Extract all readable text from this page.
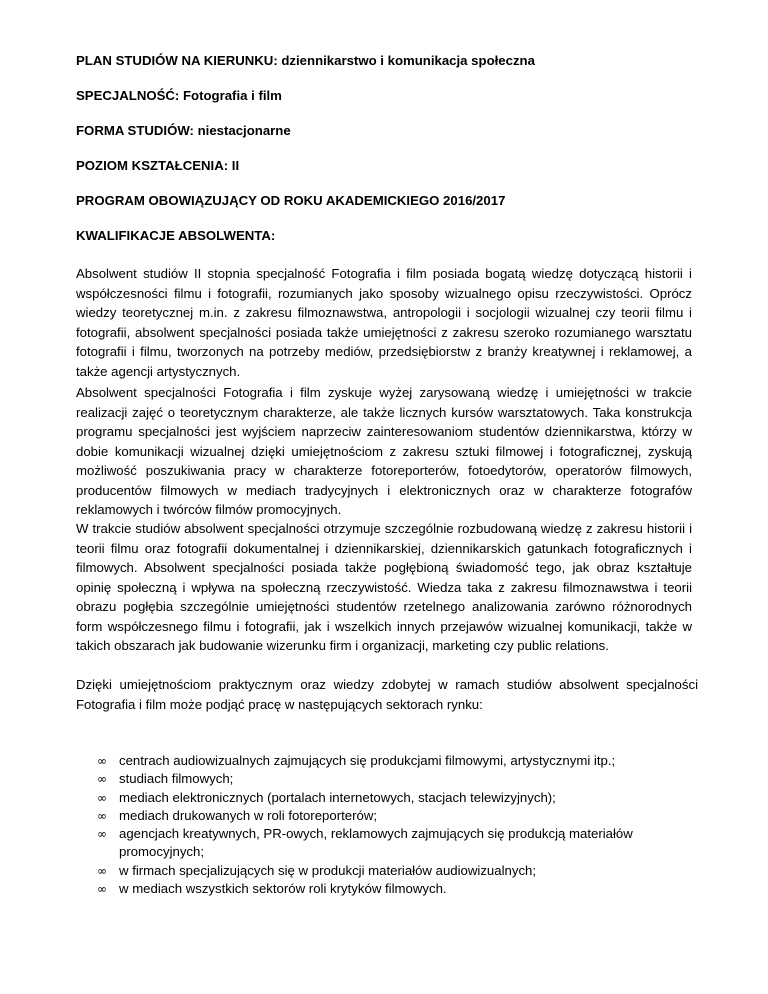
PLAN STUDIÓW NA KIERUNKU: dziennikarstwo i komunikacja społeczna
SPECJALNOŚĆ: Fotografia i film
FORMA STUDIÓW: niestacjonarne
POZIOM KSZTAŁCENIA: II
PROGRAM OBOWIĄZUJĄCY OD ROKU AKADEMICKIEGO 2016/2017
KWALIFIKACJE ABSOLWENTA:

Absolwent studiów II stopnia specjalność Fotografia i film posiada bogatą wiedzę dotyczącą historii i współczesności filmu i fotografii, rozumianych jako sposoby wizualnego opisu rzeczywistości. Oprócz wiedzy teoretycznej m.in. z zakresu filmoznawstwa, antropologii i socjologii wizualnej czy teorii filmu i fotografii, absolwent specjalności posiada także umiejętności z zakresu szeroko rozumianego warsztatu fotografii i filmu, tworzonych na potrzeby mediów, przedsiębiorstw z branży kreatywnej i reklamowej, a także agencji artystycznych.

Absolwent specjalności Fotografia i film zyskuje wyżej zarysowaną wiedzę i umiejętności w trakcie realizacji zajęć o teoretycznym charakterze, ale także licznych kursów warsztatowych. Taka konstrukcja programu specjalności jest wyjściem naprzeciw zainteresowaniom studentów dziennikarstwa, którzy w dobie komunikacji wizualnej dzięki umiejętnościom z zakresu sztuki filmowej i fotograficznej, zyskują możliwość poszukiwania pracy w charakterze fotoreporterów, fotoedytorów, operatorów filmowych, producentów filmowych w mediach tradycyjnych i elektronicznych oraz w charakterze fotografów reklamowych i twórców filmów promocyjnych.

W trakcie studiów absolwent specjalności otrzymuje szczególnie rozbudowaną wiedzę z zakresu historii i teorii filmu oraz fotografii dokumentalnej i dziennikarskiej, dziennikarskich gatunkach fotograficznych i filmowych. Absolwent specjalności posiada także pogłębioną świadomość tego, jak obraz kształtuje opinię społeczną i wpływa na społeczną rzeczywistość. Wiedza taka z zakresu filmoznawstwa i teorii obrazu pogłębia szczególnie umiejętności studentów rzetelnego analizowania zarówno różnorodnych form współczesnego filmu i fotografii, jak i wszelkich innych przejawów wizualnej komunikacji, także w takich obszarach jak budowanie wizerunku firm i organizacji, marketing czy public relations.

Dzięki umiejętnościom praktycznym oraz wiedzy zdobytej w ramach studiów absolwent specjalności Fotografia i film może podjąć pracę w następujących sektorach rynku:

∞ centrach audiowizualnych zajmujących się produkcjami filmowymi, artystycznymi itp.;
∞ studiach filmowych;
∞ mediach elektronicznych (portalach internetowych, stacjach telewizyjnych);
∞ mediach drukowanych w roli fotoreporterów;
∞ agencjach kreatywnych, PR-owych, reklamowych zajmujących się produkcją materiałów promocyjnych;
∞ w firmach specjalizujących się w produkcji materiałów audiowizualnych;
∞ w mediach wszystkich sektorów roli krytyków filmowych.
